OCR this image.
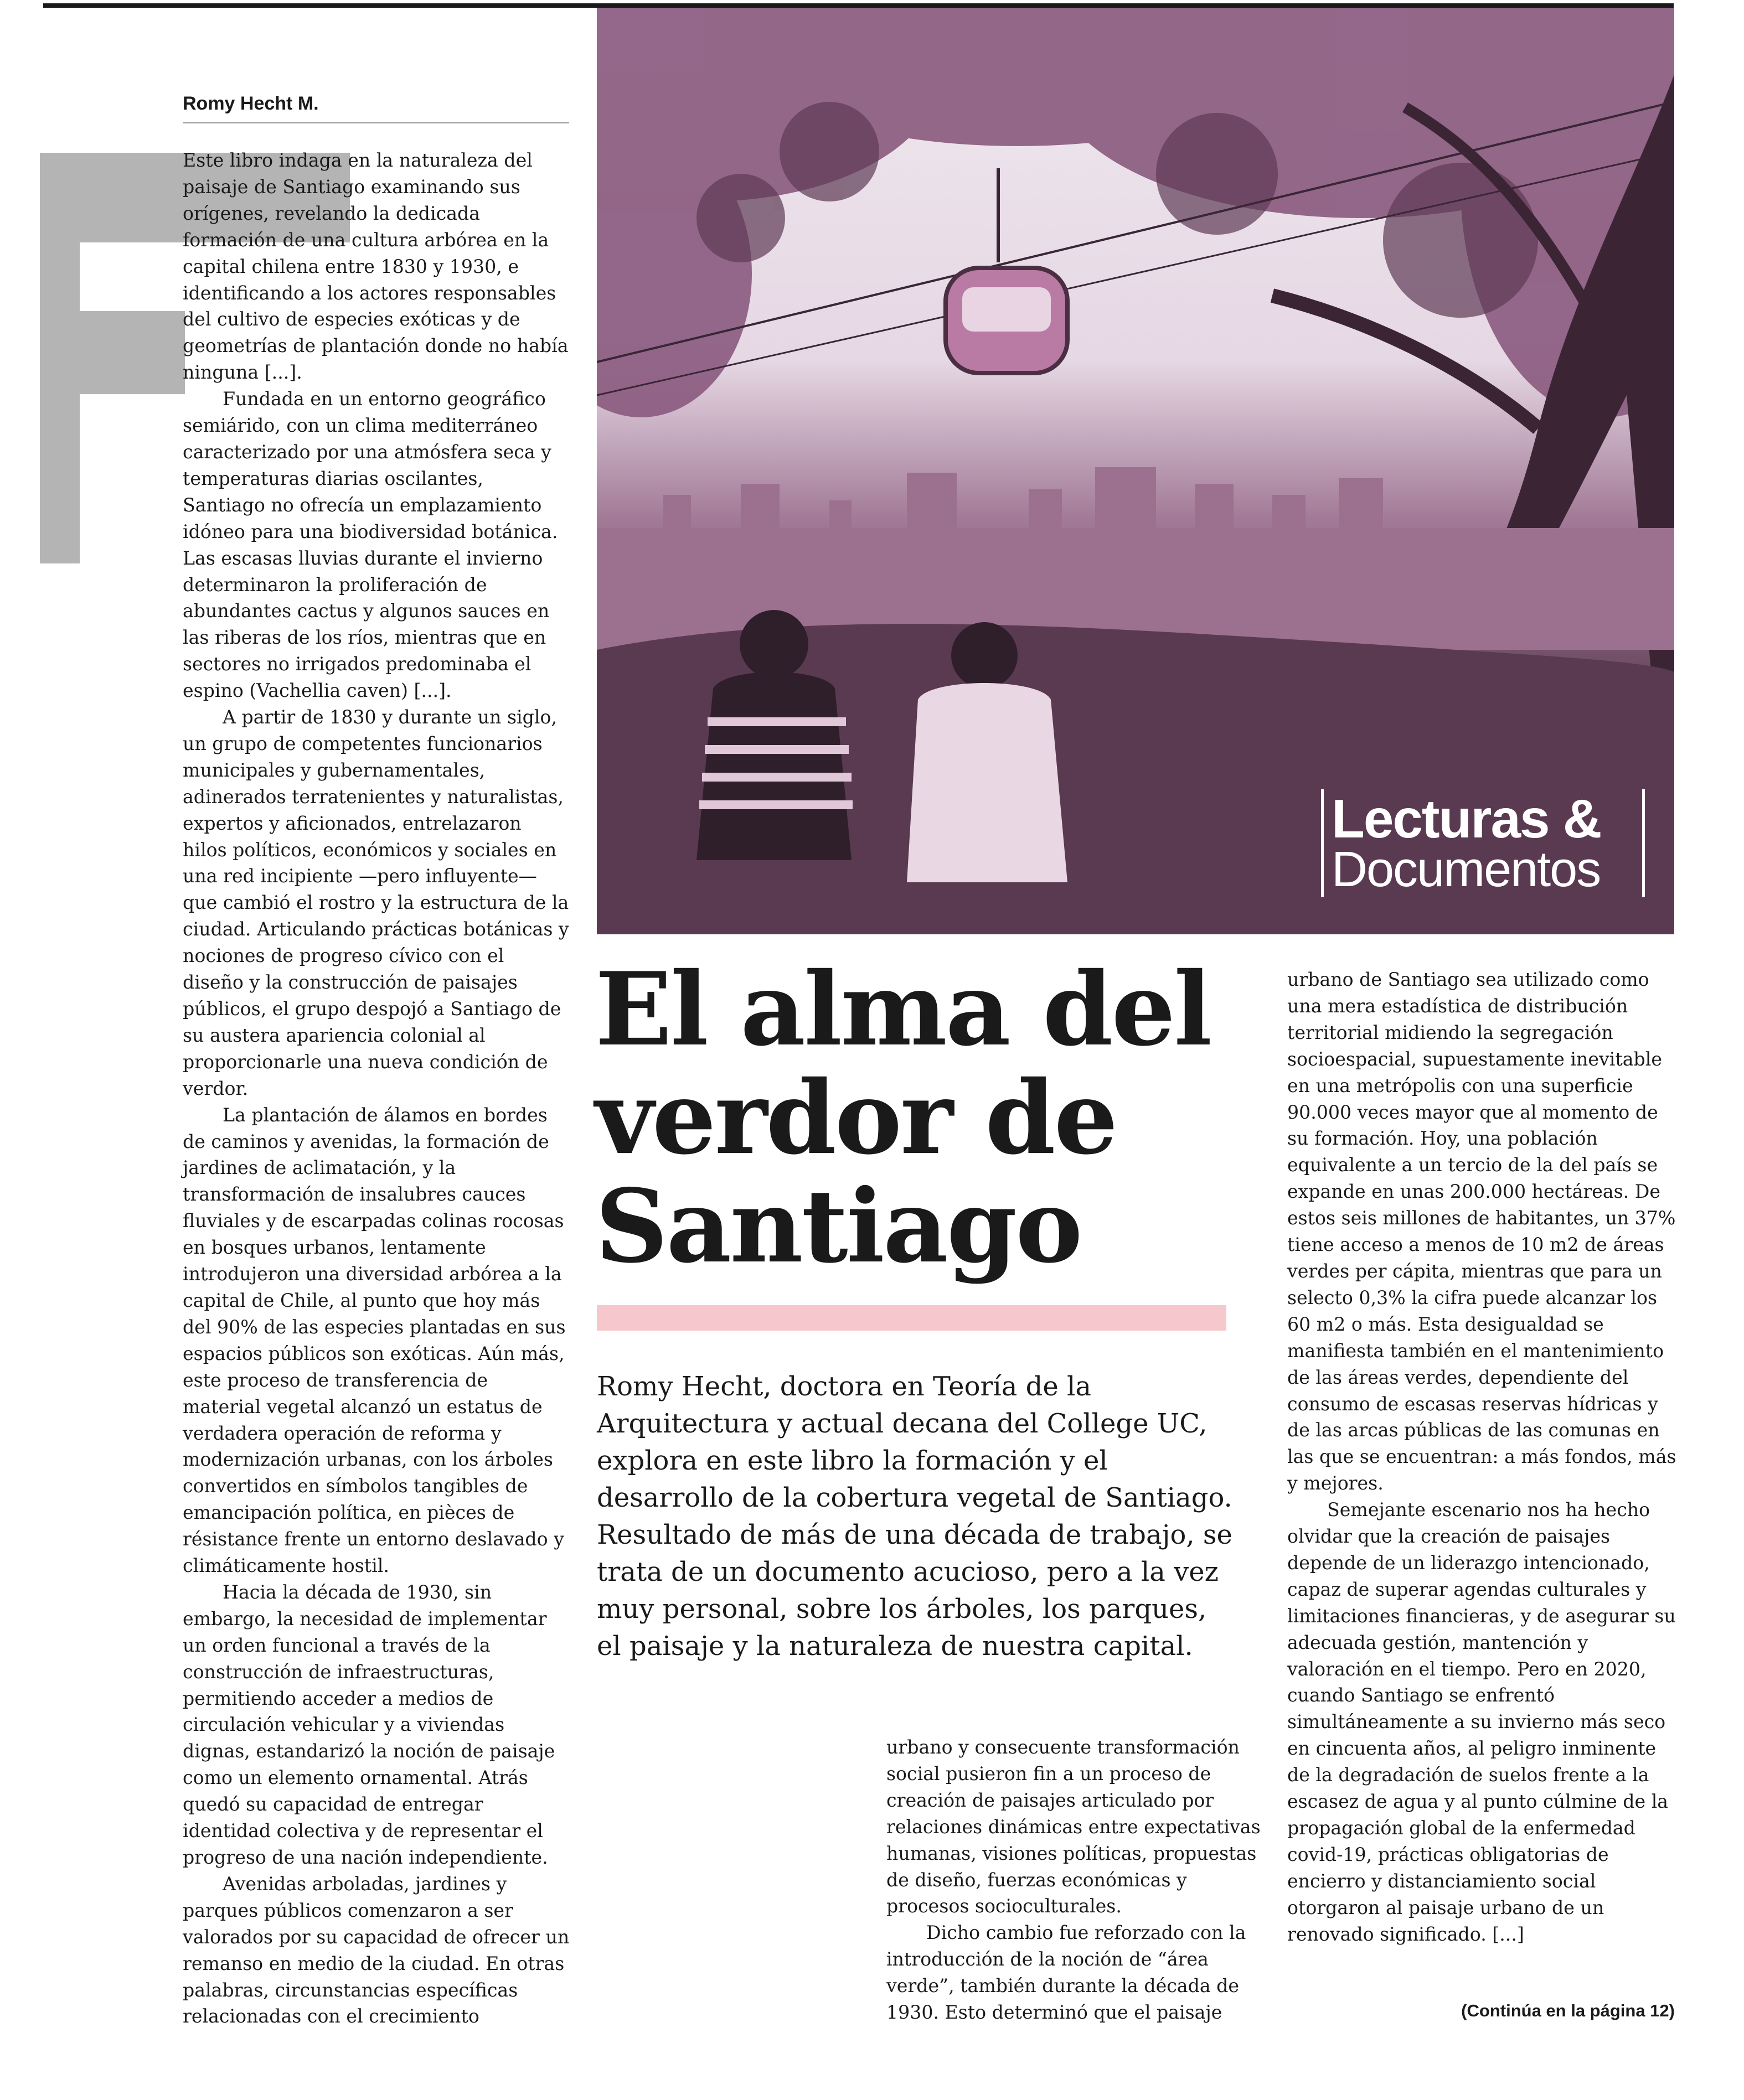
Romy Hecht M.

Este libro indaga en la naturaleza del paisaje de Santiago examinando sus orígenes, revelando la dedicada formación de una cultura arbórea en la capital chilena entre 1830 y 1930, e identificando a los actores responsables del cultivo de especies exóticas y de geometrías de plantación donde no había ninguna [...].

Fundada en un entorno geográfico semiárido, con un clima mediterráneo caracterizado por una atmósfera seca y temperaturas diarias oscilantes, Santiago no ofrecía un emplazamiento idóneo para una biodiversidad botánica. Las escasas lluvias durante el invierno determinaron la proliferación de abundantes cactus y algunos sauces en las riberas de los ríos, mientras que en sectores no irrigados predominaba el espino (Vachellia caven) [...].

A partir de 1830 y durante un siglo, un grupo de competentes funcionarios municipales y gubernamentales, adinerados terratenientes y naturalistas, expertos y aficionados, entrelazaron hilos políticos, económicos y sociales en una red incipiente —pero influyente— que cambió el rostro y la estructura de la ciudad. Articulando prácticas botánicas y nociones de progreso cívico con el diseño y la construcción de paisajes públicos, el grupo despojó a Santiago de su austera apariencia colonial al proporcionarle una nueva condición de verdor.

La plantación de álamos en bordes de caminos y avenidas, la formación de jardines de aclimatación, y la transformación de insalubres cauces fluviales y de escarpadas colinas rocosas en bosques urbanos, lentamente introdujeron una diversidad arbórea a la capital de Chile, al punto que hoy más del 90% de las especies plantadas en sus espacios públicos son exóticas. Aún más, este proceso de transferencia de material vegetal alcanzó un estatus de verdadera operación de reforma y modernización urbanas, con los árboles convertidos en símbolos tangibles de emancipación política, en pièces de résistance frente un entorno deslavado y climáticamente hostil.

Hacia la década de 1930, sin embargo, la necesidad de implementar un orden funcional a través de la construcción de infraestructuras, permitiendo acceder a medios de circulación vehicular y a viviendas dignas, estandarizó la noción de paisaje como un elemento ornamental. Atrás quedó su capacidad de entregar identidad colectiva y de representar el progreso de una nación independiente.

Avenidas arboladas, jardines y parques públicos comenzaron a ser valorados por su capacidad de ofrecer un remanso en medio de la ciudad. En otras palabras, circunstancias específicas relacionadas con el crecimiento

Lecturas &
Documentos
El alma del verdor de Santiago

Romy Hecht, doctora en Teoría de la Arquitectura y actual decana del College UC, explora en este libro la formación y el desarrollo de la cobertura vegetal de Santiago. Resultado de más de una década de trabajo, se trata de un documento acucioso, pero a la vez muy personal, sobre los árboles, los parques, el paisaje y la naturaleza de nuestra capital.

urbano y consecuente transformación social pusieron fin a un proceso de creación de paisajes articulado por relaciones dinámicas entre expectativas humanas, visiones políticas, propuestas de diseño, fuerzas económicas y procesos socioculturales.

Dicho cambio fue reforzado con la introducción de la noción de “área verde”, también durante la década de 1930. Esto determinó que el paisaje

urbano de Santiago sea utilizado como una mera estadística de distribución territorial midiendo la segregación socioespacial, supuestamente inevitable en una metrópolis con una superficie 90.000 veces mayor que al momento de su formación. Hoy, una población equivalente a un tercio de la del país se expande en unas 200.000 hectáreas. De estos seis millones de habitantes, un 37% tiene acceso a menos de 10 m2 de áreas verdes per cápita, mientras que para un selecto 0,3% la cifra puede alcanzar los 60 m2 o más. Esta desigualdad se manifiesta también en el mantenimiento de las áreas verdes, dependiente del consumo de escasas reservas hídricas y de las arcas públicas de las comunas en las que se encuentran: a más fondos, más y mejores.

Semejante escenario nos ha hecho olvidar que la creación de paisajes depende de un liderazgo intencionado, capaz de superar agendas culturales y limitaciones financieras, y de asegurar su adecuada gestión, mantención y valoración en el tiempo. Pero en 2020, cuando Santiago se enfrentó simultáneamente a su invierno más seco en cincuenta años, al peligro inminente de la degradación de suelos frente a la escasez de agua y al punto cúlmine de la propagación global de la enfermedad covid-19, prácticas obligatorias de encierro y distanciamiento social otorgaron al paisaje urbano de un renovado significado. [...]

(Continúa en la página 12)
